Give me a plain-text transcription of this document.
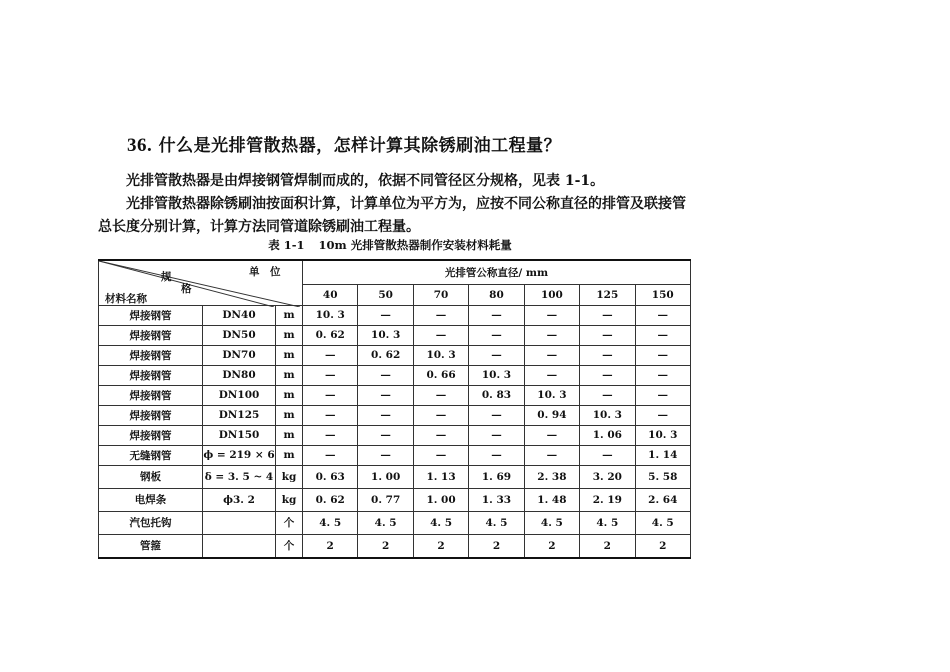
36. 什么是光排管散热器，怎样计算其除锈刷油工程量？
光排管散热器是由焊接钢管焊制而成的，依据不同管径区分规格，见表 1-1。
光排管散热器除锈刷油按面积计算，计算单位为平方为，应按不同公称直径的排管及联接管总长度分别计算，计算方法同管道除锈刷油工程量。
表 1-1 10m 光排管散热器制作安装材料耗量
规
格
单　位
材料名称			光排管公称直径/ mm						
			40	50	70	80	100	125	150
焊接钢管	DN40	m	10. 3	—	—	—	—	—	—
焊接钢管	DN50	m	0. 62	10. 3	—	—	—	—	—
焊接钢管	DN70	m	—	0. 62	10. 3	—	—	—	—
焊接钢管	DN80	m	—	—	0. 66	10. 3	—	—	—
焊接钢管	DN100	m	—	—	—	0. 83	10. 3	—	—
焊接钢管	DN125	m	—	—	—	—	0. 94	10. 3	—
焊接钢管	DN150	m	—	—	—	—	—	1. 06	10. 3
无缝钢管	ϕ = 219 × 6	m	—	—	—	—	—	—	1. 14
钢板	δ = 3. 5 ~ 4	kg	0. 63	1. 00	1. 13	1. 69	2. 38	3. 20	5. 58
电焊条	ϕ3. 2	kg	0. 62	0. 77	1. 00	1. 33	1. 48	2. 19	2. 64
汽包托钩		个	4. 5	4. 5	4. 5	4. 5	4. 5	4. 5	4. 5
管箍		个	2	2	2	2	2	2	2
